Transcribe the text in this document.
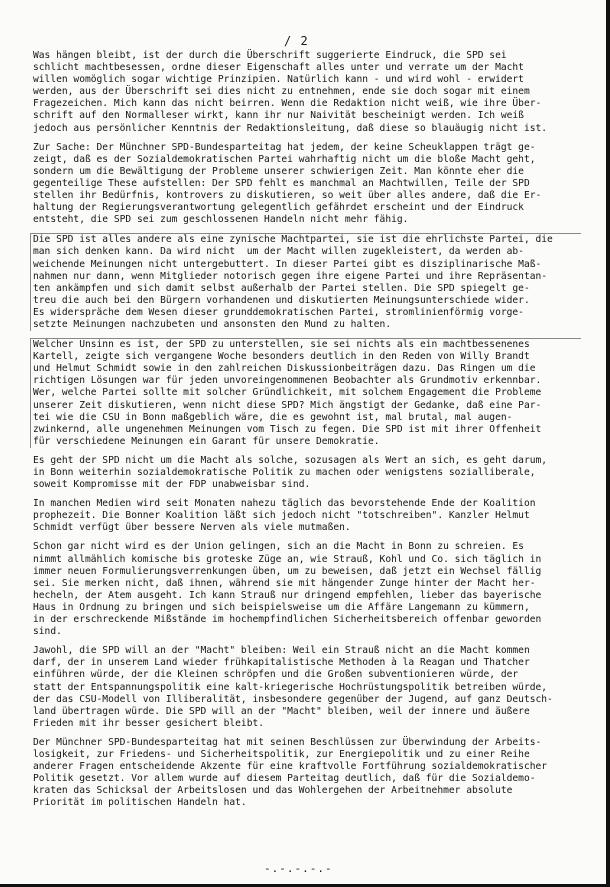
/ 2
Was hängen bleibt, ist der durch die Überschrift suggerierte Eindruck, die SPD sei
schlicht machtbesessen, ordne dieser Eigenschaft alles unter und verrate um der Macht
willen womöglich sogar wichtige Prinzipien. Natürlich kann - und wird wohl - erwidert
werden, aus der Überschrift sei dies nicht zu entnehmen, ende sie doch sogar mit einem
Fragezeichen. Mich kann das nicht beirren. Wenn die Redaktion nicht weiß, wie ihre Über-
schrift auf den Normalleser wirkt, kann ihr nur Naivität bescheinigt werden. Ich weiß
jedoch aus persönlicher Kenntnis der Redaktionsleitung, daß diese so blauäugig nicht ist.
Zur Sache: Der Münchner SPD-Bundesparteitag hat jedem, der keine Scheuklappen trägt ge-
zeigt, daß es der Sozialdemokratischen Partei wahrhaftig nicht um die bloße Macht geht,
sondern um die Bewältigung der Probleme unserer schwierigen Zeit. Man könnte eher die
gegenteilige These aufstellen: Der SPD fehlt es manchmal an Machtwillen, Teile der SPD
stellen ihr Bedürfnis, kontrovers zu diskutieren, so weit über alles andere, daß die Er-
haltung der Regierungsverantwortung gelegentlich gefährdet erscheint und der Eindruck
entsteht, die SPD sei zum geschlossenen Handeln nicht mehr fähig.
Die SPD ist alles andere als eine zynische Machtpartei, sie ist die ehrlichste Partei, die
man sich denken kann. Da wird nicht  um der Macht willen zugekleistert, da werden ab-
weichende Meinungen nicht untergebuttert. In dieser Partei gibt es disziplinarische Maß-
nahmen nur dann, wenn Mitglieder notorisch gegen ihre eigene Partei und ihre Repräsentan-
ten ankämpfen und sich damit selbst außerhalb der Partei stellen. Die SPD spiegelt ge-
treu die auch bei den Bürgern vorhandenen und diskutierten Meinungsunterschiede wider.
Es widerspräche dem Wesen dieser grunddemokratischen Partei, stromlinienförmig vorge-
setzte Meinungen nachzubeten und ansonsten den Mund zu halten.
Welcher Unsinn es ist, der SPD zu unterstellen, sie sei nichts als ein machtbessenenes
Kartell, zeigte sich vergangene Woche besonders deutlich in den Reden von Willy Brandt
und Helmut Schmidt sowie in den zahlreichen Diskussionbeiträgen dazu. Das Ringen um die
richtigen Lösungen war für jeden unvoreingenommenen Beobachter als Grundmotiv erkennbar.
Wer, welche Partei sollte mit solcher Gründlichkeit, mit solchem Engagement die Probleme
unserer Zeit diskutieren, wenn nicht diese SPD? Mich ängstigt der Gedanke, daß eine Par-
tei wie die CSU in Bonn maßgeblich wäre, die es gewohnt ist, mal brutal, mal augen-
zwinkernd, alle ungenehmen Meinungen vom Tisch zu fegen. Die SPD ist mit ihrer Offenheit
für verschiedene Meinungen ein Garant für unsere Demokratie.
Es geht der SPD nicht um die Macht als solche, sozusagen als Wert an sich, es geht darum,
in Bonn weiterhin sozialdemokratische Politik zu machen oder wenigstens sozialliberale,
soweit Kompromisse mit der FDP unabweisbar sind.
In manchen Medien wird seit Monaten nahezu täglich das bevorstehende Ende der Koalition
prophezeit. Die Bonner Koalition läßt sich jedoch nicht "totschreiben". Kanzler Helmut
Schmidt verfügt über bessere Nerven als viele mutmaßen.
Schon gar nicht wird es der Union gelingen, sich an die Macht in Bonn zu schreien. Es
nimmt allmählich komische bis groteske Züge an, wie Strauß, Kohl und Co. sich täglich in
immer neuen Formulierungsverrenkungen üben, um zu beweisen, daß jetzt ein Wechsel fällig
sei. Sie merken nicht, daß ihnen, während sie mit hängender Zunge hinter der Macht her-
hecheln, der Atem ausgeht. Ich kann Strauß nur dringend empfehlen, lieber das bayerische
Haus in Ordnung zu bringen und sich beispielsweise um die Affäre Langemann zu kümmern,
in der erschreckende Mißstände im hochempfindlichen Sicherheitsbereich offenbar geworden
sind.
Jawohl, die SPD will an der "Macht" bleiben: Weil ein Strauß nicht an die Macht kommen
darf, der in unserem Land wieder frühkapitalistische Methoden à la Reagan und Thatcher
einführen würde, der die Kleinen schröpfen und die Großen subventionieren würde, der
statt der Entspannungspolitik eine kalt-kriegerische Hochrüstungspolitik betreiben würde,
der das CSU-Modell von Illiberalität, insbesondere gegenüber der Jugend, auf ganz Deutsch-
land übertragen würde. Die SPD will an der "Macht" bleiben, weil der innere und äußere
Frieden mit ihr besser gesichert bleibt.
Der Münchner SPD-Bundesparteitag hat mit seinen Beschlüssen zur Überwindung der Arbeits-
losigkeit, zur Friedens- und Sicherheitspolitik, zur Energiepolitik und zu einer Reihe
anderer Fragen entscheidende Akzente für eine kraftvolle Fortführung sozialdemokratischer
Politik gesetzt. Vor allem wurde auf diesem Parteitag deutlich, daß für die Sozialdemo-
kraten das Schicksal der Arbeitslosen und das Wohlergehen der Arbeitnehmer absolute
Priorität im politischen Handeln hat.
-.-.-.-.-
